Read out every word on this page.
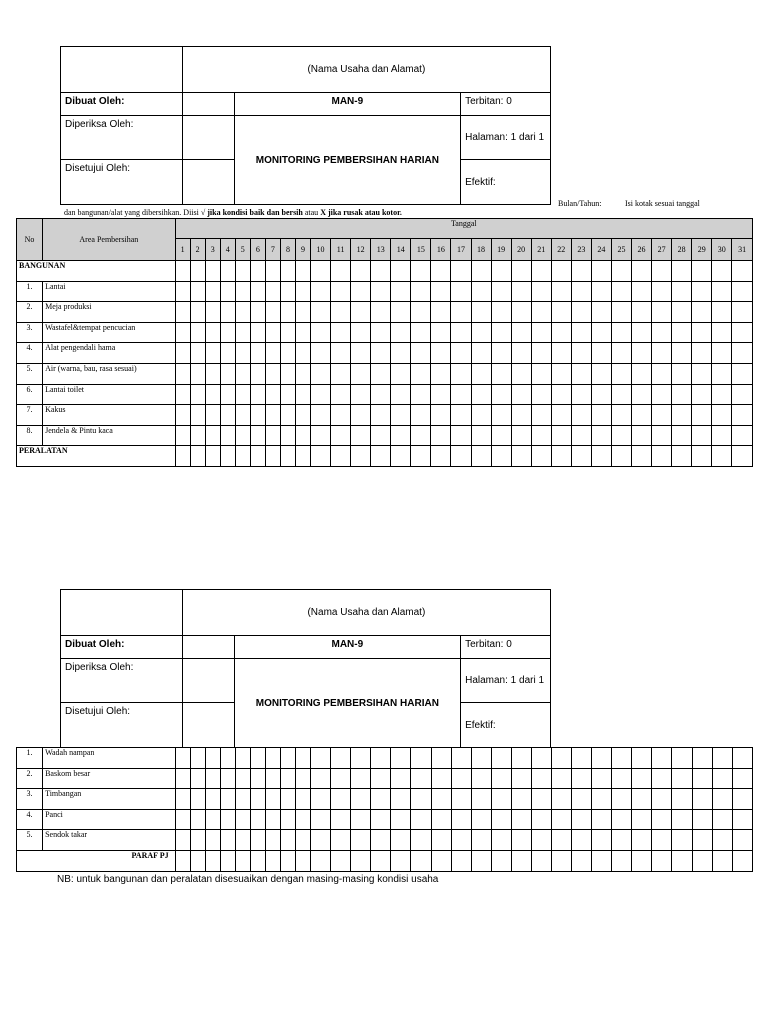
	(Nama Usaha dan Alamat)		
Dibuat Oleh:		MAN-9	Terbitan: 0
Diperiksa Oleh:		MONITORING PEMBERSIHAN HARIAN	Halaman: 1 dari 1
Disetujui Oleh:			Efektif:
Bulan/Tahun:	Isi kotak sesuai tanggal
dan bangunan/alat yang dibersihkan. Diisi √ jika kondisi baik dan bersih atau X jika rusak atau kotor.
No	Area Pembersihan	Tanggal																														
		1	2	3	4	5	6	7	8	9	10	11	12	13	14	15	16	17	18	19	20	21	22	23	24	25	26	27	28	29	30	31
BANGUNAN																																
1.	Lantai																															
2.	Meja produksi																															
3.	Wastafel&tempat pencucian																															
4.	Alat pengendali hama																															
5.	Air (warna, bau, rasa sesuai)																															
6.	Lantai toilet																															
7.	Kakus																															
8.	Jendela & Pintu kaca																															
PERALATAN																																
	(Nama Usaha dan Alamat)		
Dibuat Oleh:		MAN-9	Terbitan: 0
Diperiksa Oleh:		MONITORING PEMBERSIHAN HARIAN	Halaman: 1 dari 1
Disetujui Oleh:			Efektif:
1.	Wadah nampan																															
2.	Baskom besar																															
3.	Timbangan																															
4.	Panci																															
5.	Sendok takar																															
PARAF PJ																																
NB: untuk bangunan dan peralatan disesuaikan dengan masing-masing kondisi usaha
